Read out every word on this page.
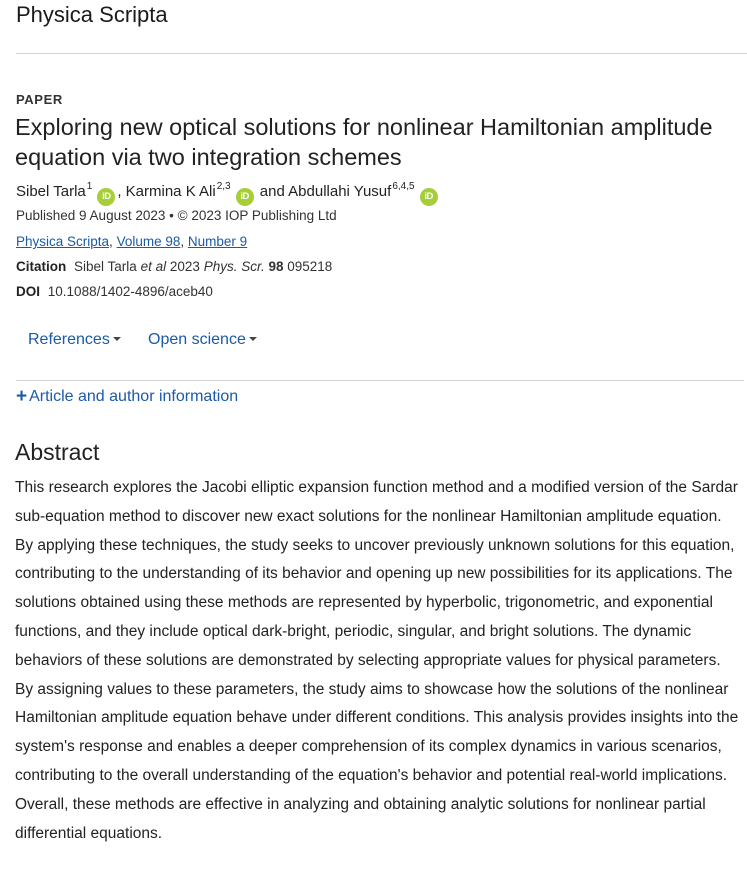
Physica Scripta
PAPER
Exploring new optical solutions for nonlinear Hamiltonian amplitude equation via two integration schemes
Sibel Tarla$^1$iD , Karmina K Ali$^{2,3}$iD and Abdullahi Yusuf$^{6,4,5}$iD
Published 9 August 2023 • © 2023 IOP Publishing Ltd
Physica Scripta, Volume 98, Number 9
Citation Sibel Tarla et al 2023 Phys. Scr. 98 095218
DOI 10.1088/1402-4896/aceb40
References	Open science
+ Article and author information
Abstract

This research explores the Jacobi elliptic expansion function method and a modified version of the Sardar sub-equation method to discover new exact solutions for the nonlinear Hamiltonian amplitude equation. By applying these techniques, the study seeks to uncover previously unknown solutions for this equation, contributing to the understanding of its behavior and opening up new possibilities for its applications. The solutions obtained using these methods are represented by hyperbolic, trigonometric, and exponential functions, and they include optical dark-bright, periodic, singular, and bright solutions. The dynamic behaviors of these solutions are demonstrated by selecting appropriate values for physical parameters. By assigning values to these parameters, the study aims to showcase how the solutions of the nonlinear Hamiltonian amplitude equation behave under different conditions. This analysis provides insights into the system's response and enables a deeper comprehension of its complex dynamics in various scenarios, contributing to the overall understanding of the equation's behavior and potential real-world implications. Overall, these methods are effective in analyzing and obtaining analytic solutions for nonlinear partial differential equations.
